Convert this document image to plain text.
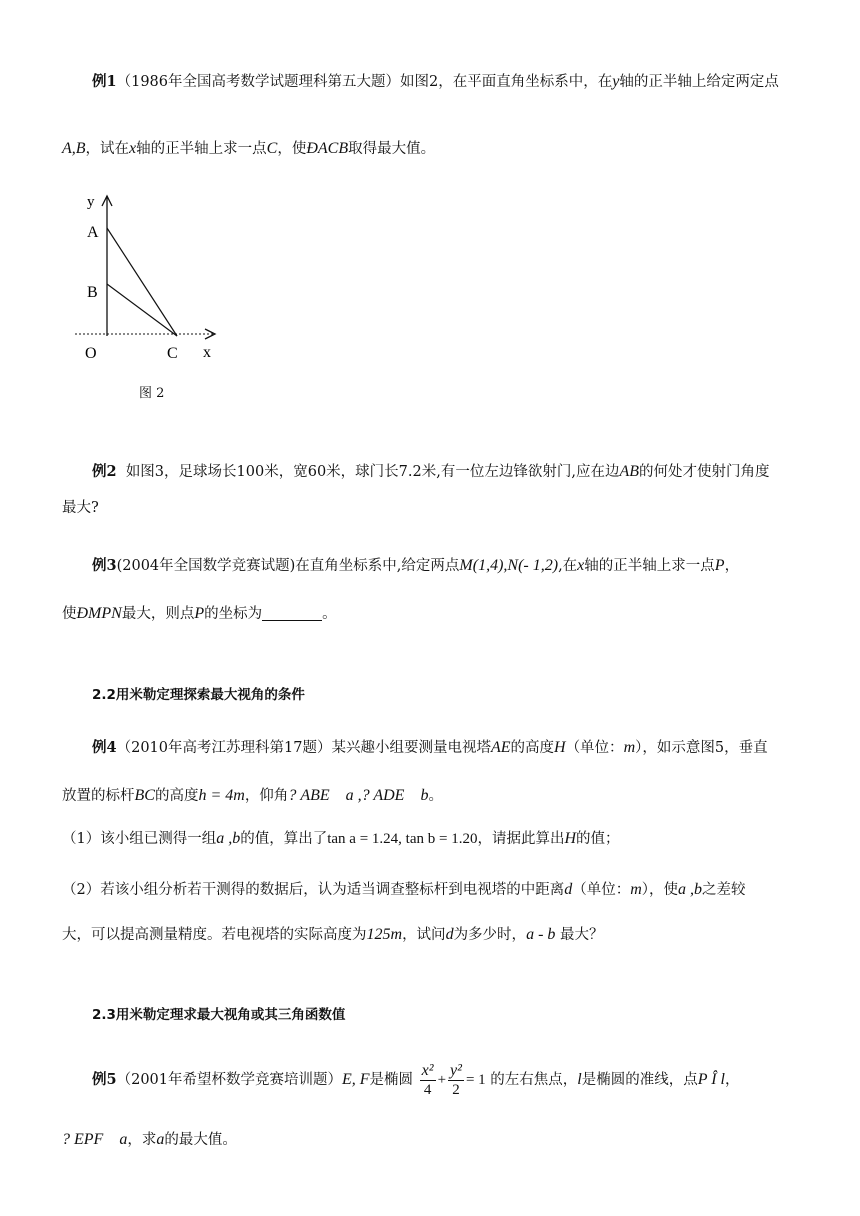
例1（1986年全国高考数学试题理科第五大题）如图2，在平面直角坐标系中，在y轴的正半轴上给定两定点
A,B，试在x轴的正半轴上求一点C，使ÐACB取得最大值。
y
A
B
O	C x
图 2
例2 如图3，足球场长100米，宽60米，球门长7.2米,有一位左边锋欲射门,应在边AB的何处才使射门角度
最大?
例3(2004年全国数学竞赛试题)在直角坐标系中,给定两点M(1,4),N(- 1,2),在x轴的正半轴上求一点P，
使ÐMPN最大，则点P的坐标为	。
2.2用米勒定理探索最大视角的条件
例4（2010年高考江苏理科第17题）某兴趣小组要测量电视塔AE的高度H（单位：m），如示意图5，垂直
放置的标杆BC的高度h = 4m，仰角? ABE    a ,? ADE    b。
（1）该小组已测得一组a ,b的值，算出了tan a = 1.24, tan b = 1.20，请据此算出H的值；
（2）若该小组分析若干测得的数据后，认为适当调查整标杆到电视塔的中距离d（单位：m），使a ,b之差较
大，可以提高测量精度。若电视塔的实际高度为125m，试问d为多少时，a - b 最大？
2.3用米勒定理求最大视角或其三角函数值
例5（2001年希望杯数学竞赛培训题）E, F是椭圆 $\frac{\text{x²}}{4} + \frac{\text{y²}}{2} = 1$ 的左右焦点，l是椭圆的准线，点P Î l，
? EPF    a，求a的最大值。
